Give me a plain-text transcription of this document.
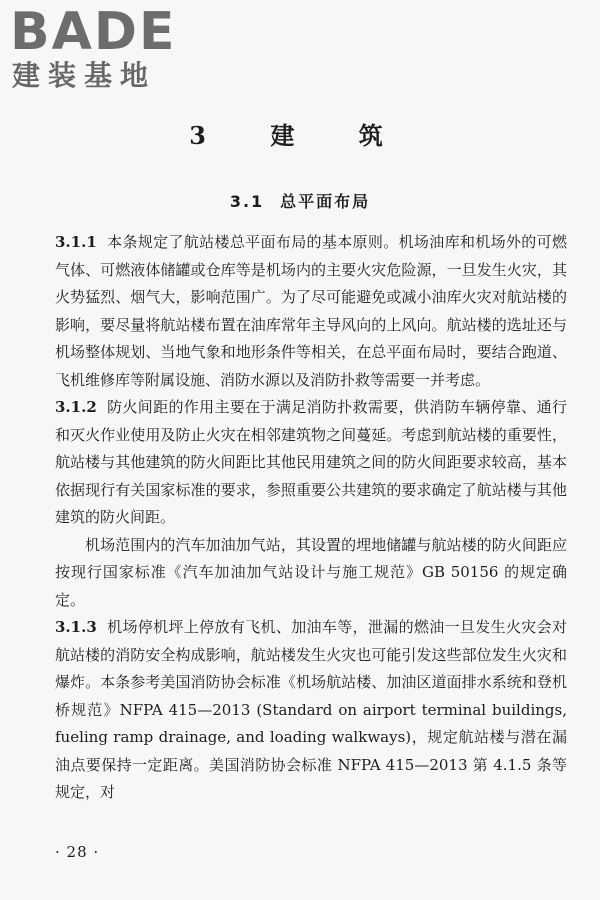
BADE
建装基地
3 建 筑
3.1 总平面布局

3.1.1 本条规定了航站楼总平面布局的基本原则。机场油库和机场外的可燃气体、可燃液体储罐或仓库等是机场内的主要火灾危险源，一旦发生火灾，其火势猛烈、烟气大，影响范围广。为了尽可能避免或减小油库火灾对航站楼的影响，要尽量将航站楼布置在油库常年主导风向的上风向。航站楼的选址还与机场整体规划、当地气象和地形条件等相关，在总平面布局时，要结合跑道、飞机维修库等附属设施、消防水源以及消防扑救等需要一并考虑。

3.1.2 防火间距的作用主要在于满足消防扑救需要，供消防车辆停靠、通行和灭火作业使用及防止火灾在相邻建筑物之间蔓延。考虑到航站楼的重要性，航站楼与其他建筑的防火间距比其他民用建筑之间的防火间距要求较高，基本依据现行有关国家标准的要求，参照重要公共建筑的要求确定了航站楼与其他建筑的防火间距。

机场范围内的汽车加油加气站，其设置的埋地储罐与航站楼的防火间距应按现行国家标准《汽车加油加气站设计与施工规范》GB 50156 的规定确定。

3.1.3 机场停机坪上停放有飞机、加油车等，泄漏的燃油一旦发生火灾会对航站楼的消防安全构成影响，航站楼发生火灾也可能引发这些部位发生火灾和爆炸。本条参考美国消防协会标准《机场航站楼、加油区道面排水系统和登机桥规范》NFPA 415—2013 (Standard on airport terminal buildings, fueling ramp drainage, and loading walkways)，规定航站楼与潜在漏油点要保持一定距离。美国消防协会标准 NFPA 415—2013 第 4.1.5 条等规定，对

· 28 ·
